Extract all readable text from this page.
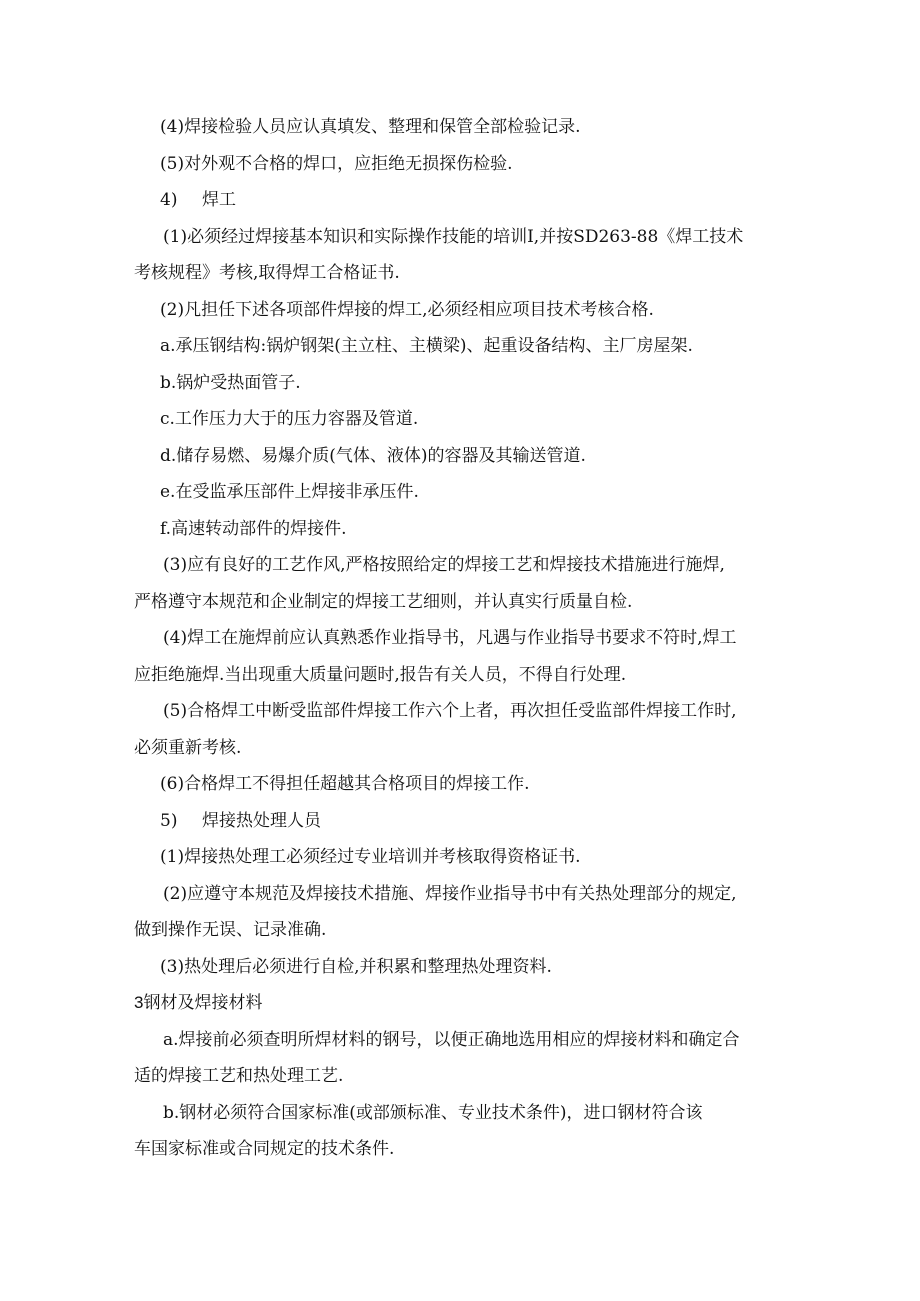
(4)焊接检验人员应认真填发、整理和保管全部检验记录.
(5)对外观不合格的焊口，应拒绝无损探伤检验.
4) 焊工
(1)必须经过焊接基本知识和实际操作技能的培训I,并按SD263-88《焊工技术
考核规程》考核,取得焊工合格证书.
(2)凡担任下述各项部件焊接的焊工,必须经相应项目技术考核合格.
a.承压钢结构:锅炉钢架(主立柱、主横梁)、起重设备结构、主厂房屋架.
b.锅炉受热面管子.
c.工作压力大于的压力容器及管道.
d.储存易燃、易爆介质(气体、液体)的容器及其输送管道.
e.在受监承压部件上焊接非承压件.
f.高速转动部件的焊接件.
(3)应有良好的工艺作风,严格按照给定的焊接工艺和焊接技术措施进行施焊,
严格遵守本规范和企业制定的焊接工艺细则，并认真实行质量自检.
(4)焊工在施焊前应认真熟悉作业指导书，凡遇与作业指导书要求不符时,焊工
应拒绝施焊.当出现重大质量问题时,报告有关人员，不得自行处理.
(5)合格焊工中断受监部件焊接工作六个上者，再次担任受监部件焊接工作时,
必须重新考核.
(6)合格焊工不得担任超越其合格项目的焊接工作.
5) 焊接热处理人员
(1)焊接热处理工必须经过专业培训并考核取得资格证书.
(2)应遵守本规范及焊接技术措施、焊接作业指导书中有关热处理部分的规定,
做到操作无误、记录准确.
(3)热处理后必须进行自检,并积累和整理热处理资料.
3钢材及焊接材料
a.焊接前必须查明所焊材料的钢号，以便正确地选用相应的焊接材料和确定合
适的焊接工艺和热处理工艺.
b.钢材必须符合国家标准(或部颁标准、专业技术条件)，进口钢材符合该
车国家标准或合同规定的技术条件.
